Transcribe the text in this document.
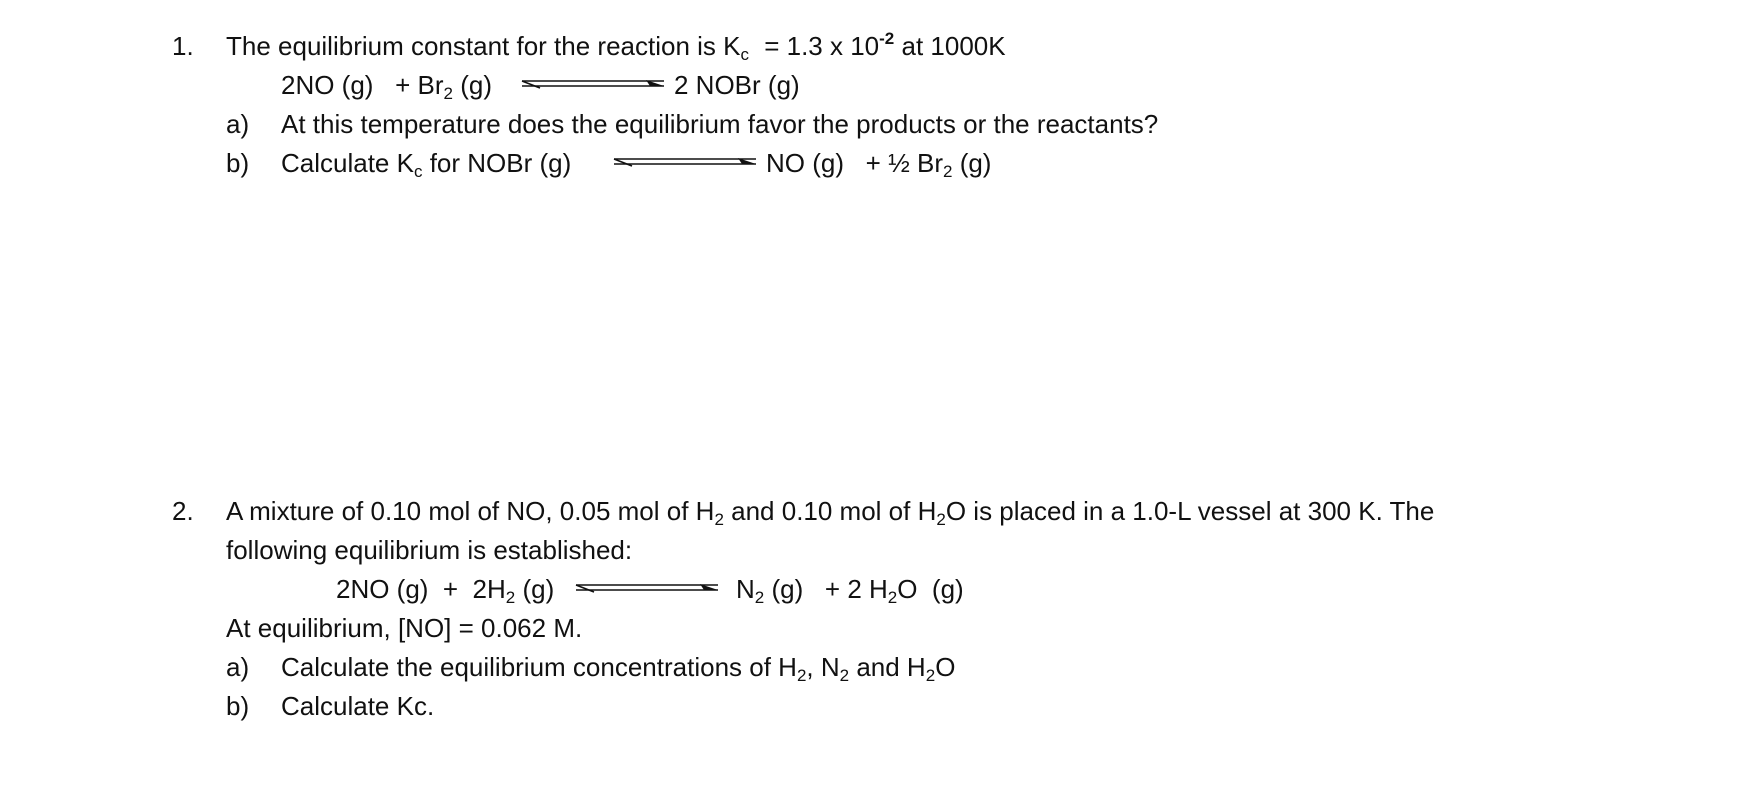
1. The equilibrium constant for the reaction is $K_c = 1.3$ x $10^{-2}$ at 1000K
2NO $(g) + Br_2$ (g)	2 NOBr (g)
a) At this temperature does the equilibrium favor the products or the reactants?
b) Calculate $K_c$ for NOBr (g)	NO (g)   + ½ $Br_2$ (g)
2. A mixture of 0.10 mol of NO, 0.05 mol of $H_2$ and 0.10 mol of $H_2O$ is placed in a 1.0-L vessel at 300 K. The
following equilibrium is established:
2NO $(g) + 2H_2$ (g)	$N_2$ (g)   + 2 $H_2O$  (g)
At equilibrium, [NO] = 0.062 M.
a) Calculate the equilibrium concentrations of $H_2$, $N_2$ and $H_2O$
b) Calculate Kc.
